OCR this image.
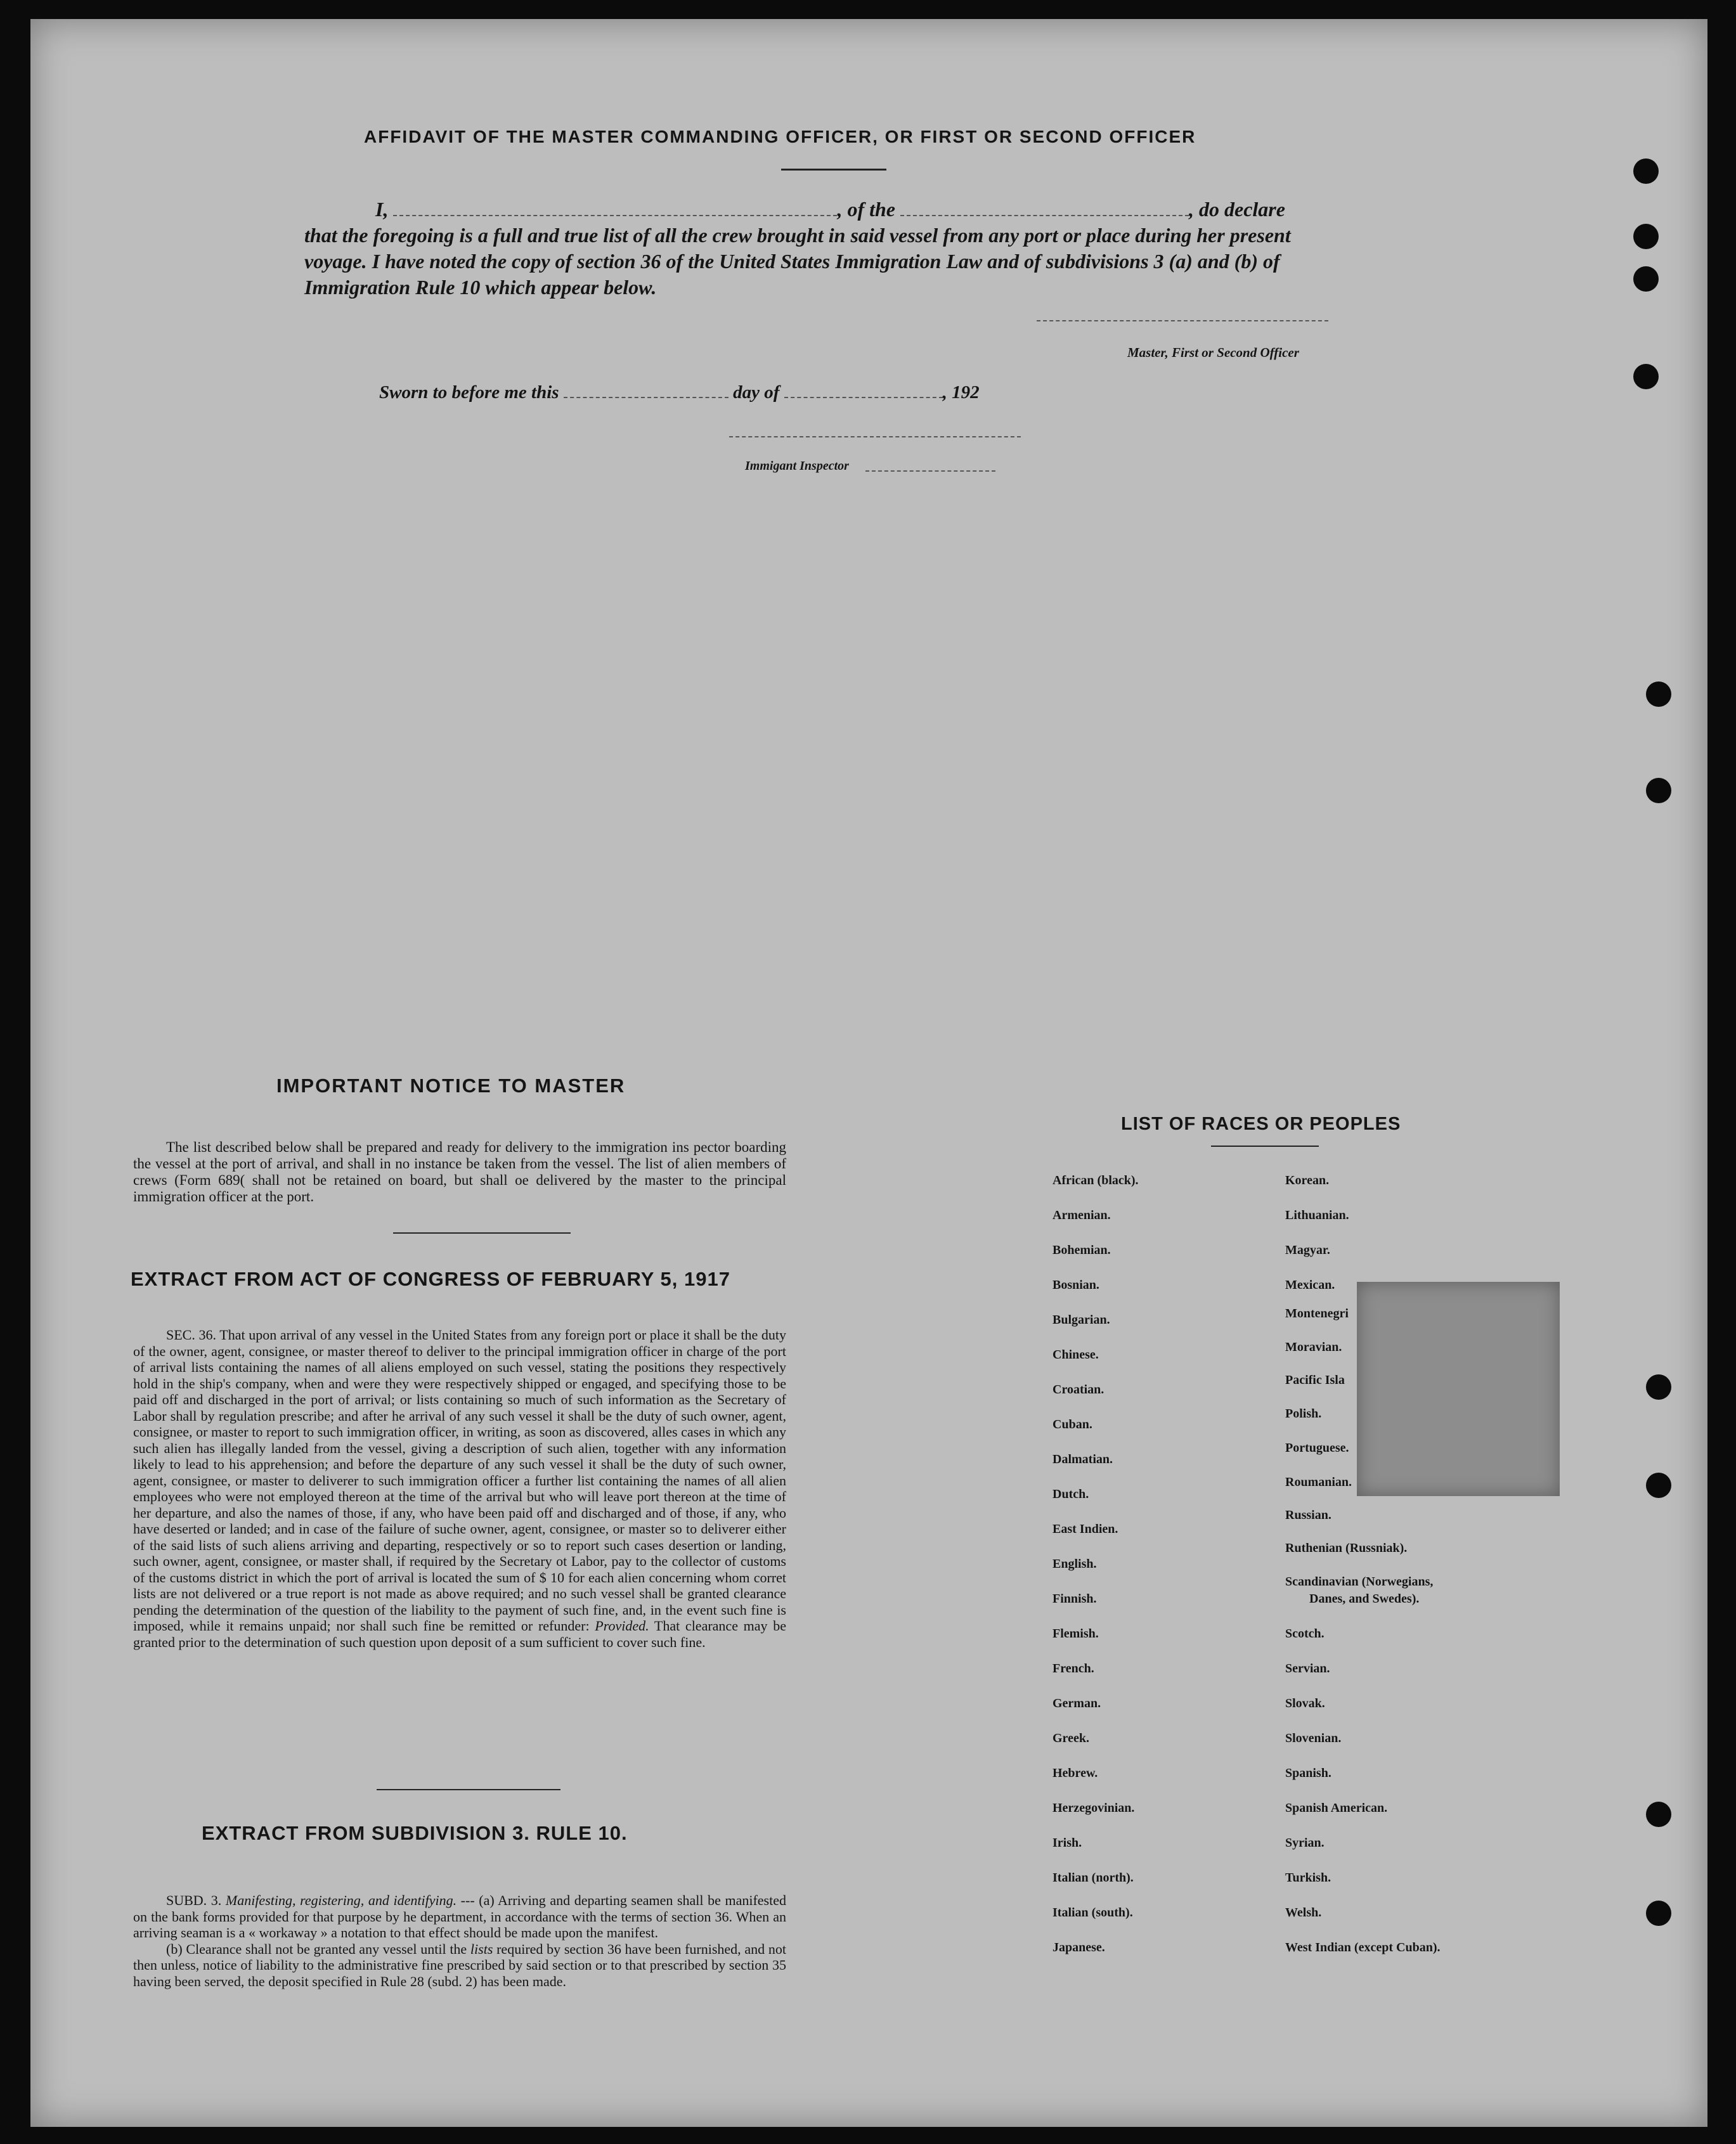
AFFIDAVIT OF THE MASTER COMMANDING OFFICER, OR FIRST OR SECOND OFFICER
I,	, of the	, do declare
that the foregoing is a full and true list of all the crew brought in said vessel from any port or place during her present
voyage. I have noted the copy of section 36 of the United States Immigration Law and of subdivisions 3 (a) and (b) of
Immigration Rule 10 which appear below.
Master, First or Second Officer
Sworn to before me this	day of	, 192
Immigant Inspector
IMPORTANT NOTICE TO MASTER
The list described below shall be prepared and ready for delivery to the immigration ins pector boarding the vessel at the port of arrival, and shall in no instance be taken from the vessel. The list of alien members of crews (Form 689( shall not be retained on board, but shall oe delivered by the master to the principal immigration officer at the port.
EXTRACT FROM ACT OF CONGRESS OF FEBRUARY 5, 1917
SEC. 36. That upon arrival of any vessel in the United States from any foreign port or place it shall be the duty of the owner, agent, consignee, or master thereof to deliver to the principal immigration officer in charge of the port of arrival lists containing the names of all aliens employed on such vessel, stating the positions they respectively hold in the ship's company, when and were they were respectively shipped or engaged, and specifying those to be paid off and discharged in the port of arrival; or lists containing so much of such information as the Secretary of Labor shall by regulation prescribe; and after he arrival of any such vessel it shall be the duty of such owner, agent, consignee, or master to report to such immigration officer, in writing, as soon as discovered, alles cases in which any such alien has illegally landed from the vessel, giving a description of such alien, together with any information likely to lead to his apprehension; and before the departure of any such vessel it shall be the duty of such owner, agent, consignee, or master to deliverer to such immigration officer a further list containing the names of all alien employees who were not employed thereon at the time of the arrival but who will leave port thereon at the time of her departure, and also the names of those, if any, who have been paid off and discharged and of those, if any, who have deserted or landed; and in case of the failure of suche owner, agent, consignee, or master so to deliverer either of the said lists of such aliens arriving and departing, respectively or so to report such cases desertion or landing, such owner, agent, consignee, or master shall, if required by the Secretary ot Labor, pay to the collector of customs of the customs district in which the port of arrival is located the sum of $ 10 for each alien concerning whom corret lists are not delivered or a true report is not made as above required; and no such vessel shall be granted clearance pending the determination of the question of the liability to the payment of such fine, and, in the event such fine is imposed, while it remains unpaid; nor shall such fine be remitted or refunder: Provided. That clearance may be granted prior to the determination of such question upon deposit of a sum sufficient to cover such fine.
EXTRACT FROM SUBDIVISION 3. RULE 10.
SUBD. 3. Manifesting, registering, and identifying. --- (a) Arriving and departing seamen shall be manifested on the bank forms provided for that purpose by he department, in accordance with the terms of section 36. When an arriving seaman is a « workaway » a notation to that effect should be made upon the manifest.
(b) Clearance shall not be granted any vessel until the lists required by section 36 have been furnished, and not then unless, notice of liability to the administrative fine prescribed by said section or to that prescribed by section 35 having been served, the deposit specified in Rule 28 (subd. 2) has been made.
LIST OF RACES OR PEOPLES
African (black).
Armenian.
Bohemian.
Bosnian.
Bulgarian.
Chinese.
Croatian.
Cuban.
Dalmatian.
Dutch.
East Indien.
English.
Finnish.
Flemish.
French.
German.
Greek.
Hebrew.
Herzegovinian.
Irish.
Italian (north).
Italian (south).
Japanese.
Korean.
Lithuanian.
Magyar.
Mexican.
Montenegri
Moravian.
Pacific Isla
Polish.
Portuguese.
Roumanian.
Russian.
Ruthenian (Russniak).
Scandinavian (Norwegians,
Danes, and Swedes).
Scotch.
Servian.
Slovak.
Slovenian.
Spanish.
Spanish American.
Syrian.
Turkish.
Welsh.
West Indian (except Cuban).
